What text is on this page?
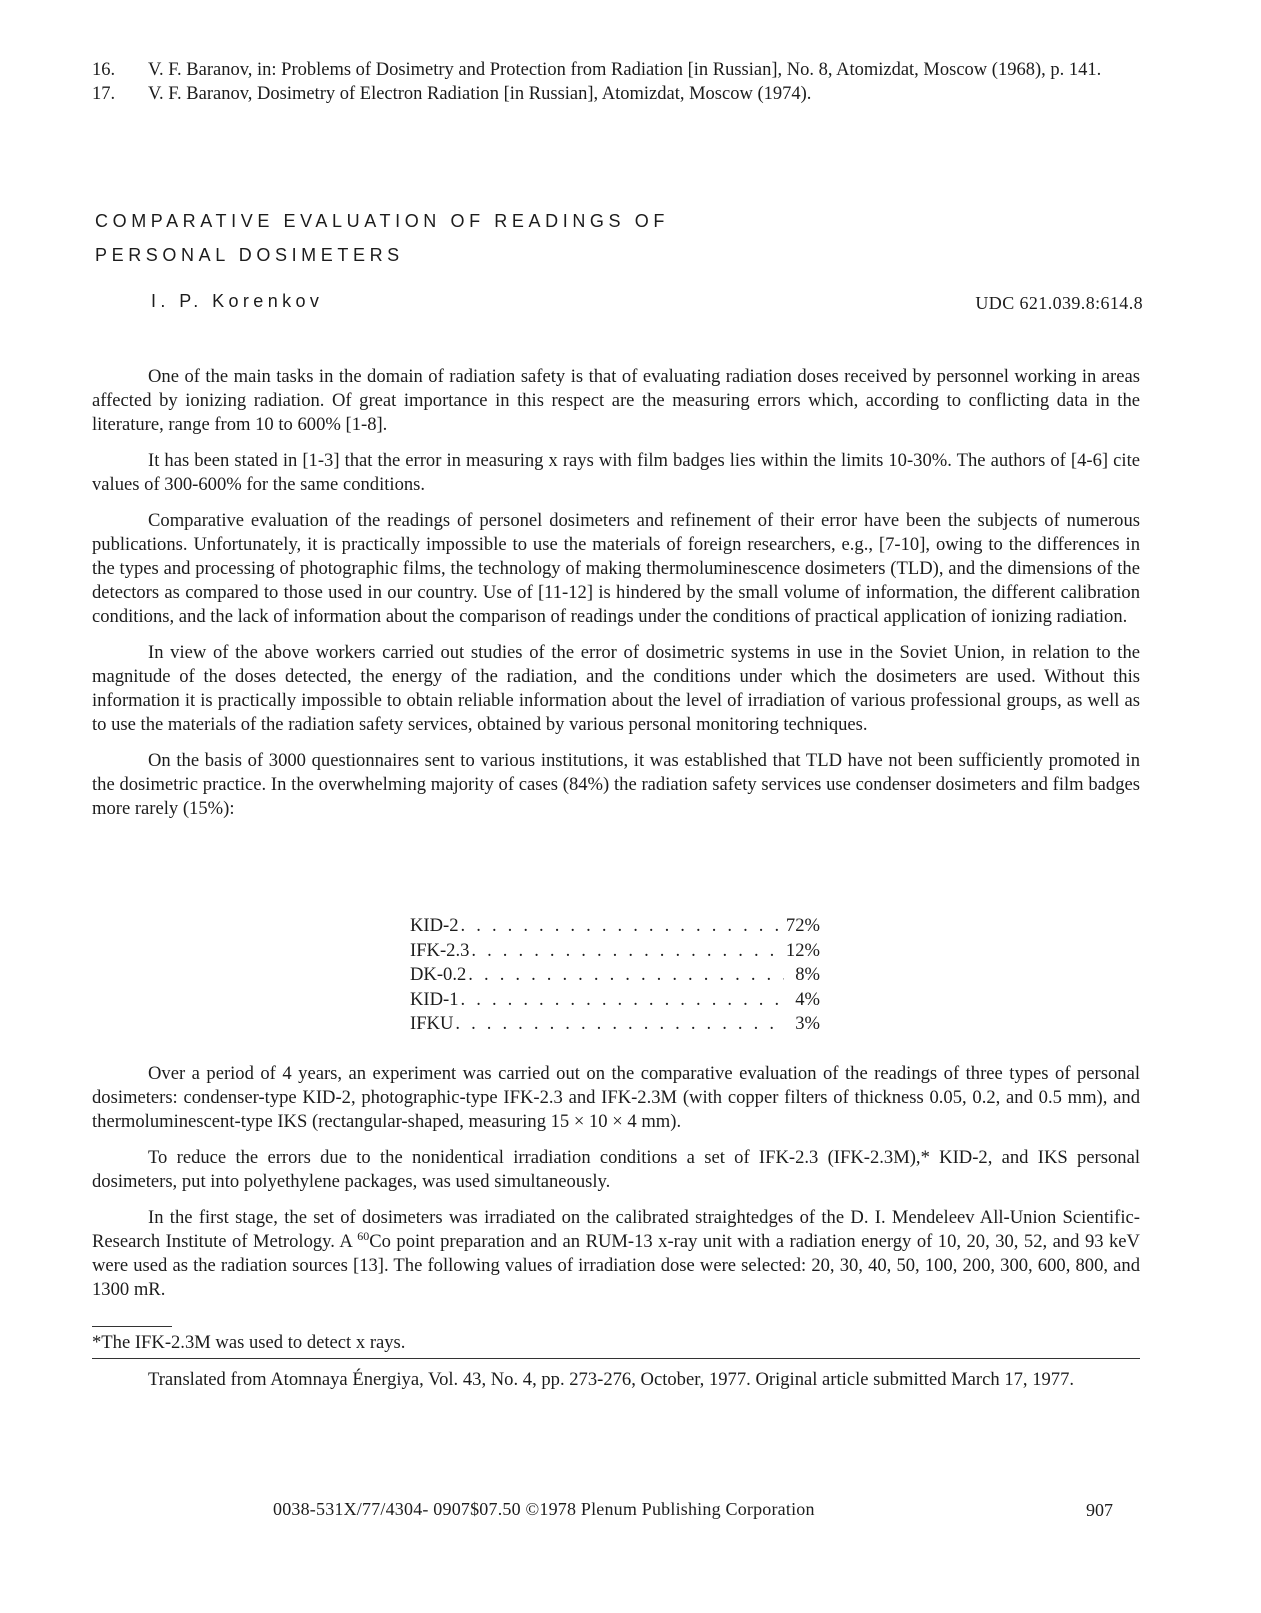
16.	V. F. Baranov, in: Problems of Dosimetry and Protection from Radiation [in Russian], No. 8, Atomizdat, Moscow (1968), p. 141.
17.	V. F. Baranov, Dosimetry of Electron Radiation [in Russian], Atomizdat, Moscow (1974).
COMPARATIVE EVALUATION OF READINGS OF
PERSONAL DOSIMETERS
I. P. Korenkov	UDC 621.039.8:614.8

One of the main tasks in the domain of radiation safety is that of evaluating radiation doses received by personnel working in areas affected by ionizing radiation. Of great importance in this respect are the measuring errors which, according to conflicting data in the literature, range from 10 to 600% [1-8].

It has been stated in [1-3] that the error in measuring x rays with film badges lies within the limits 10-30%. The authors of [4-6] cite values of 300-600% for the same conditions.

Comparative evaluation of the readings of personel dosimeters and refinement of their error have been the subjects of numerous publications. Unfortunately, it is practically impossible to use the materials of foreign researchers, e.g., [7-10], owing to the differences in the types and processing of photographic films, the technology of making thermoluminescence dosimeters (TLD), and the dimensions of the detectors as compared to those used in our country. Use of [11-12] is hindered by the small volume of information, the different calibration conditions, and the lack of information about the comparison of readings under the conditions of practical application of ionizing radiation.

In view of the above workers carried out studies of the error of dosimetric systems in use in the Soviet Union, in relation to the magnitude of the doses detected, the energy of the radiation, and the conditions under which the dosimeters are used. Without this information it is practically impossible to obtain reliable information about the level of irradiation of various professional groups, as well as to use the materials of the radiation safety services, obtained by various personal monitoring techniques.

On the basis of 3000 questionnaires sent to various institutions, it was established that TLD have not been sufficiently promoted in the dosimetric practice. In the overwhelming majority of cases (84%) the radiation safety services use condenser dosimeters and film badges more rarely (15%):

KID-2 . . .	72%
IFK-2.3 . . .	12%
DK-0.2 . . .	8%
KID-1 . . .	4%
IFKU . . .	3%

Over a period of 4 years, an experiment was carried out on the comparative evaluation of the readings of three types of personal dosimeters: condenser-type KID-2, photographic-type IFK-2.3 and IFK-2.3M (with copper filters of thickness 0.05, 0.2, and 0.5 mm), and thermoluminescent-type IKS (rectangular-shaped, measuring 15 × 10 × 4 mm).

To reduce the errors due to the nonidentical irradiation conditions a set of IFK-2.3 (IFK-2.3M),* KID-2, and IKS personal dosimeters, put into polyethylene packages, was used simultaneously.

In the first stage, the set of dosimeters was irradiated on the calibrated straightedges of the D. I. Mendeleev All-Union Scientific-Research Institute of Metrology. A $^{60}$Co point preparation and an RUM-13 x-ray unit with a radiation energy of 10, 20, 30, 52, and 93 keV were used as the radiation sources [13]. The following values of irradiation dose were selected: 20, 30, 40, 50, 100, 200, 300, 600, 800, and 1300 mR.

*The IFK-2.3M was used to detect x rays.

Translated from Atomnaya Énergiya, Vol. 43, No. 4, pp. 273-276, October, 1977. Original article submitted March 17, 1977.

0038-531X/77/4304- 0907$07.50 ©1978 Plenum Publishing Corporation	907
